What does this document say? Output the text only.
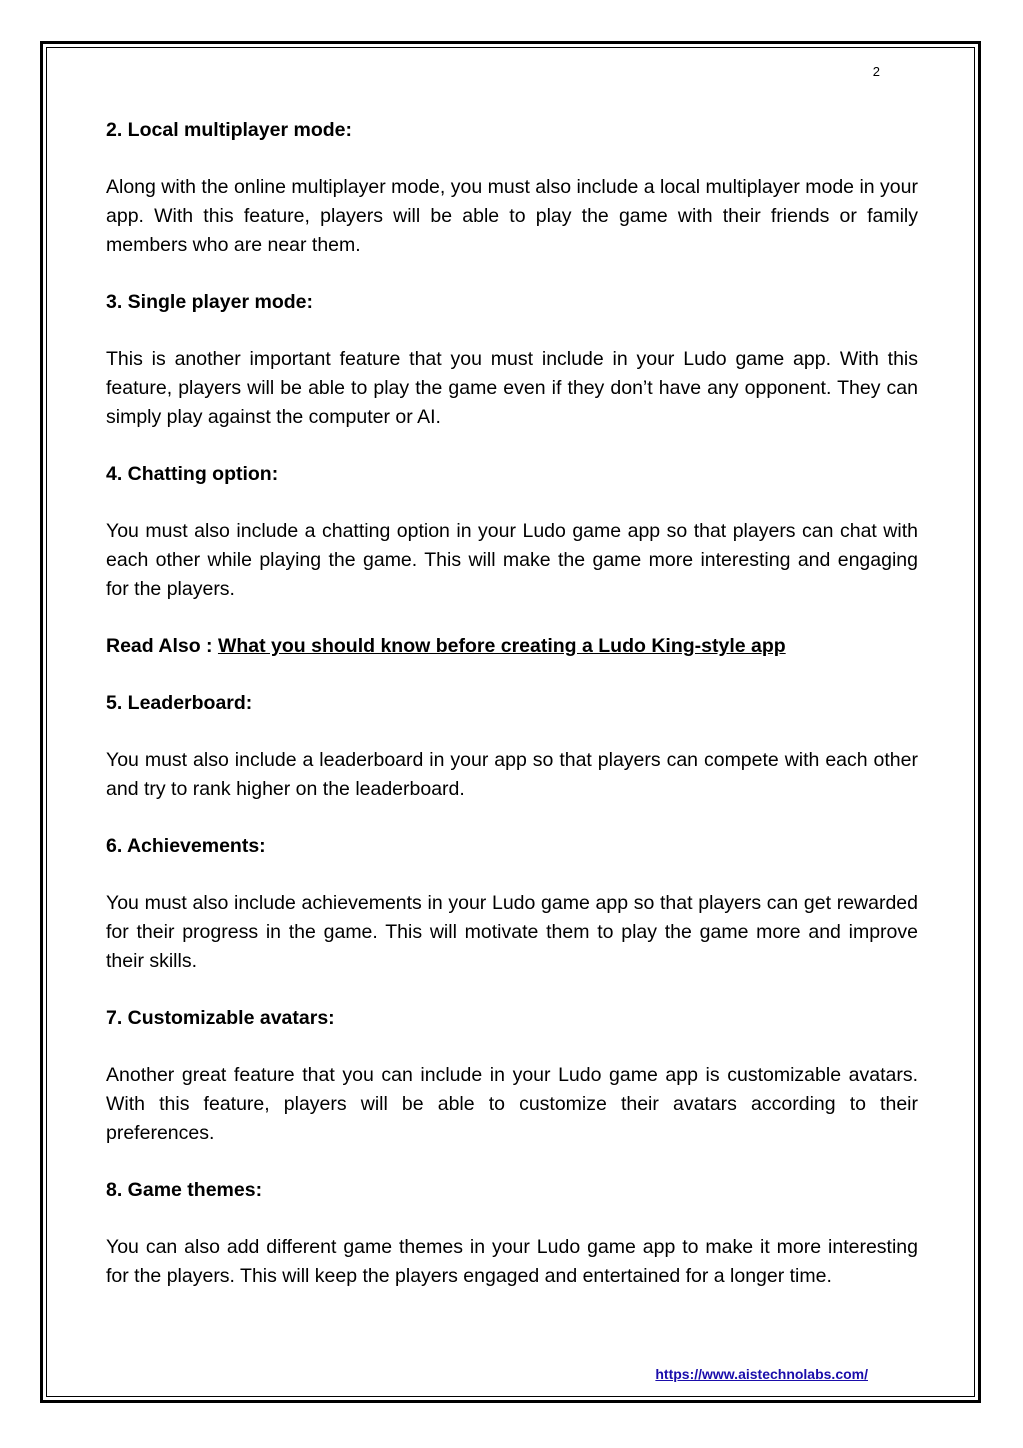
2
2. Local multiplayer mode:
Along with the online multiplayer mode, you must also include a local multiplayer mode in your app. With this feature, players will be able to play the game with their friends or family members who are near them.
3. Single player mode:
This is another important feature that you must include in your Ludo game app. With this feature, players will be able to play the game even if they don’t have any opponent. They can simply play against the computer or AI.
4. Chatting option:
You must also include a chatting option in your Ludo game app so that players can chat with each other while playing the game. This will make the game more interesting and engaging for the players.
Read Also : What you should know before creating a Ludo King-style app
5. Leaderboard:
You must also include a leaderboard in your app so that players can compete with each other and try to rank higher on the leaderboard.
6. Achievements:
You must also include achievements in your Ludo game app so that players can get rewarded for their progress in the game. This will motivate them to play the game more and improve their skills.
7. Customizable avatars:
Another great feature that you can include in your Ludo game app is customizable avatars. With this feature, players will be able to customize their avatars according to their preferences.
8. Game themes:
You can also add different game themes in your Ludo game app to make it more interesting for the players. This will keep the players engaged and entertained for a longer time.
https://www.aistechnolabs.com/
